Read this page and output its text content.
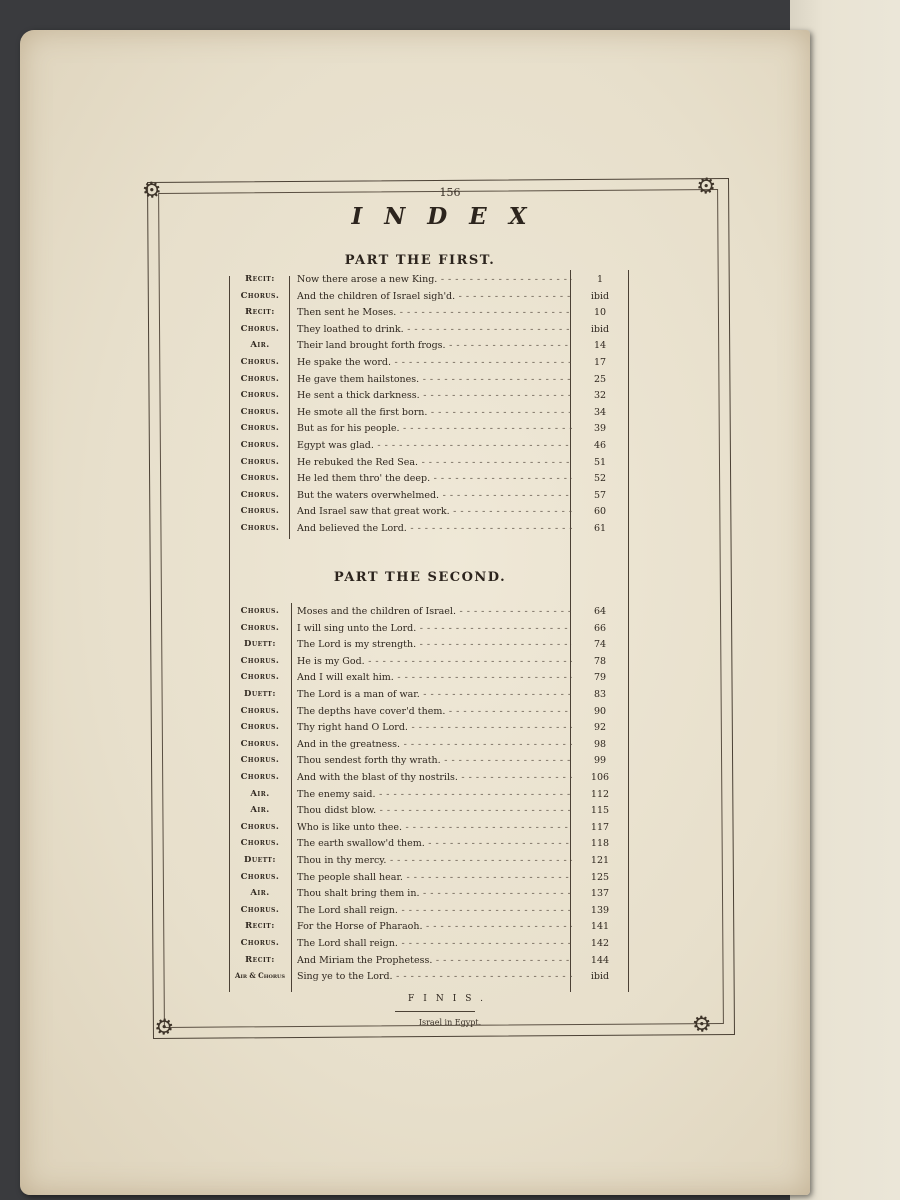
⚙	⚙
⚙	⚙
156
INDEX
PART THE FIRST.
PART THE SECOND.
Recit:	Now there arose a new King. - - -	1
Chorus.	And the children of Israel sigh'd. - - -	ibid
Recit:	Then sent he Moses. - - -	10
Chorus.	They loathed to drink. - - -	ibid
Air.	Their land brought forth frogs. - - -	14
Chorus.	He spake the word. - - -	17
Chorus.	He gave them hailstones. - - -	25
Chorus.	He sent a thick darkness. - - -	32
Chorus.	He smote all the first born. - - -	34
Chorus.	But as for his people. - - -	39
Chorus.	Egypt was glad. - - -	46
Chorus.	He rebuked the Red Sea. - - -	51
Chorus.	He led them thro' the deep. - - -	52
Chorus.	But the waters overwhelmed. - - -	57
Chorus.	And Israel saw that great work. - - -	60
Chorus.	And believed the Lord. - - -	61
Chorus.	Moses and the children of Israel. - - -	64
Chorus.	I will sing unto the Lord. - - -	66
Duett:	The Lord is my strength. - - -	74
Chorus.	He is my God. - - -	78
Chorus.	And I will exalt him. - - -	79
Duett:	The Lord is a man of war. - - -	83
Chorus.	The depths have cover'd them. - - -	90
Chorus.	Thy right hand O Lord. - - -	92
Chorus.	And in the greatness. - - -	98
Chorus.	Thou sendest forth thy wrath. - - -	99
Chorus.	And with the blast of thy nostrils. - - -	106
Air.	The enemy said. - - -	112
Air.	Thou didst blow. - - -	115
Chorus.	Who is like unto thee. - - -	117
Chorus.	The earth swallow'd them. - - -	118
Duett:	Thou in thy mercy. - - -	121
Chorus.	The people shall hear. - - -	125
Air.	Thou shalt bring them in. - - -	137
Chorus.	The Lord shall reign. - - -	139
Recit:	For the Horse of Pharaoh. - - -	141
Chorus.	The Lord shall reign. - - -	142
Recit:	And Miriam the Prophetess. - - -	144
Air & Chorus	Sing ye to the Lord. - - -	ibid
FINIS.
Israel in Egypt.
